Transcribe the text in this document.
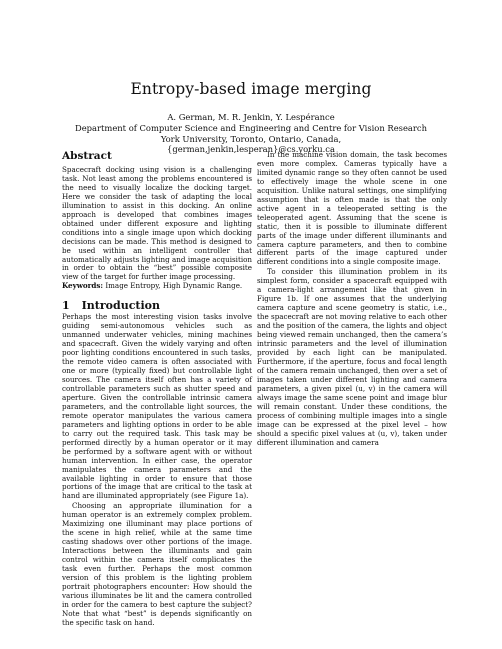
Entropy-based image merging
A. German, M. R. Jenkin, Y. Lespérance
Department of Computer Science and Engineering and Centre for Vision Research
York University, Toronto, Ontario, Canada,
{german,jenkin,lesperan}@cs.yorku.ca
Abstract

Spacecraft docking using vision is a challenging task. Not least among the problems encountered is the need to visually localize the docking target. Here we consider the task of adapting the local illumination to assist in this docking. An online approach is developed that combines images obtained under different exposure and lighting conditions into a single image upon which docking decisions can be made. This method is designed to be used within an intelligent controller that automatically adjusts lighting and image acquisition in order to obtain the “best” possible composite view of the target for further image processing.

Keywords: Image Entropy, High Dynamic Range.

1 Introduction

Perhaps the most interesting vision tasks involve guiding semi-autonomous vehicles such as unmanned underwater vehicles, mining machines and spacecraft. Given the widely varying and often poor lighting conditions encountered in such tasks, the remote video camera is often associated with one or more (typically fixed) but controllable light sources. The camera itself often has a variety of controllable parameters such as shutter speed and aperture. Given the controllable intrinsic camera parameters, and the controllable light sources, the remote operator manipulates the various camera parameters and lighting options in order to be able to carry out the required task. This task may be performed directly by a human operator or it may be performed by a software agent with or without human intervention. In either case, the operator manipulates the camera parameters and the available lighting in order to ensure that those portions of the image that are critical to the task at hand are illuminated appropriately (see Figure 1a).

Choosing an appropriate illumination for a human operator is an extremely complex problem. Maximizing one illuminant may place portions of the scene in high relief, while at the same time casting shadows over other portions of the image. Interactions between the illuminants and gain control within the camera itself complicates the task even further. Perhaps the most common version of this problem is the lighting problem portrait photographers encounter: How should the various illuminates be lit and the camera controlled in order for the camera to best capture the subject? Note that what “best” is depends significantly on the specific task on hand.

In the machine vision domain, the task becomes even more complex. Cameras typically have a limited dynamic range so they often cannot be used to effectively image the whole scene in one acquisition. Unlike natural settings, one simplifying assumption that is often made is that the only active agent in a teleoperated setting is the teleoperated agent. Assuming that the scene is static, then it is possible to illuminate different parts of the image under different illuminants and camera capture parameters, and then to combine different parts of the image captured under different conditions into a single composite image.

To consider this illumination problem in its simplest form, consider a spacecraft equipped with a camera-light arrangement like that given in Figure 1b. If one assumes that the underlying camera capture and scene geometry is static, i.e., the spacecraft are not moving relative to each other and the position of the camera, the lights and object being viewed remain unchanged, then the camera’s intrinsic parameters and the level of illumination provided by each light can be manipulated. Furthermore, if the aperture, focus and focal length of the camera remain unchanged, then over a set of images taken under different lighting and camera parameters, a given pixel (u, v) in the camera will always image the same scene point and image blur will remain constant. Under these conditions, the process of combining multiple images into a single image can be expressed at the pixel level – how should a specific pixel values at (u, v), taken under different illumination and camera
